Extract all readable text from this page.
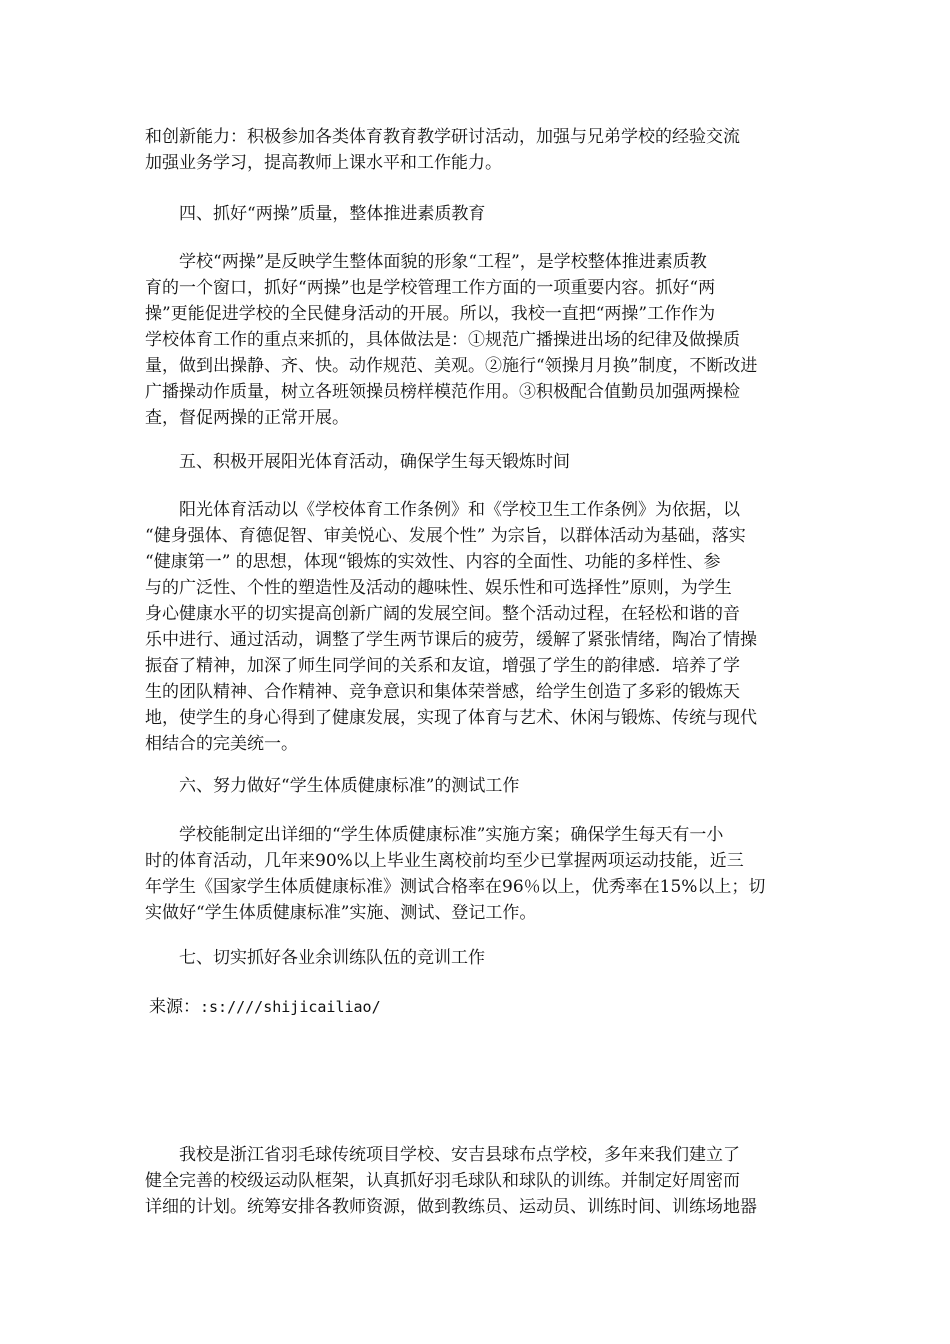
和创新能力：积极参加各类体育教育教学研讨活动，加强与兄弟学校的经验交流
加强业务学习，提高教师上课水平和工作能力。
四、抓好“两操”质量，整体推进素质教育
学校“两操”是反映学生整体面貌的形象“工程”，是学校整体推进素质教
育的一个窗口，抓好“两操”也是学校管理工作方面的一项重要内容。抓好“两
操”更能促进学校的全民健身活动的开展。所以，我校一直把“两操”工作作为
学校体育工作的重点来抓的，具体做法是：①规范广播操进出场的纪律及做操质
量，做到出操静、齐、快。动作规范、美观。②施行“领操月月换”制度，不断改进
广播操动作质量，树立各班领操员榜样模范作用。③积极配合值勤员加强两操检
查，督促两操的正常开展。
五、积极开展阳光体育活动，确保学生每天锻炼时间
阳光体育活动以《学校体育工作条例》和《学校卫生工作条例》为依据，以
“健身强体、育德促智、审美悦心、发展个性” 为宗旨，以群体活动为基础，落实
“健康第一” 的思想，体现“锻炼的实效性、内容的全面性、功能的多样性、参
与的广泛性、个性的塑造性及活动的趣味性、娱乐性和可选择性”原则，为学生
身心健康水平的切实提高创新广阔的发展空间。整个活动过程，在轻松和谐的音
乐中进行、通过活动，调整了学生两节课后的疲劳，缓解了紧张情绪，陶冶了情操
振奋了精神，加深了师生同学间的关系和友谊，增强了学生的韵律感．培养了学
生的团队精神、合作精神、竞争意识和集体荣誉感，给学生创造了多彩的锻炼天
地，使学生的身心得到了健康发展，实现了体育与艺术、休闲与锻炼、传统与现代
相结合的完美统一。
六、努力做好“学生体质健康标准”的测试工作
学校能制定出详细的“学生体质健康标准”实施方案；确保学生每天有一小
时的体育活动，几年来90%以上毕业生离校前均至少已掌握两项运动技能，近三
年学生《国家学生体质健康标准》测试合格率在96％以上，优秀率在15%以上；切
实做好“学生体质健康标准”实施、测试、登记工作。
七、切实抓好各业余训练队伍的竞训工作
来源：:s:////shijicailiao/
我校是浙江省羽毛球传统项目学校、安吉县球布点学校，多年来我们建立了
健全完善的校级运动队框架，认真抓好羽毛球队和球队的训练。并制定好周密而
详细的计划。统筹安排各教师资源，做到教练员、运动员、训练时间、训练场地器
